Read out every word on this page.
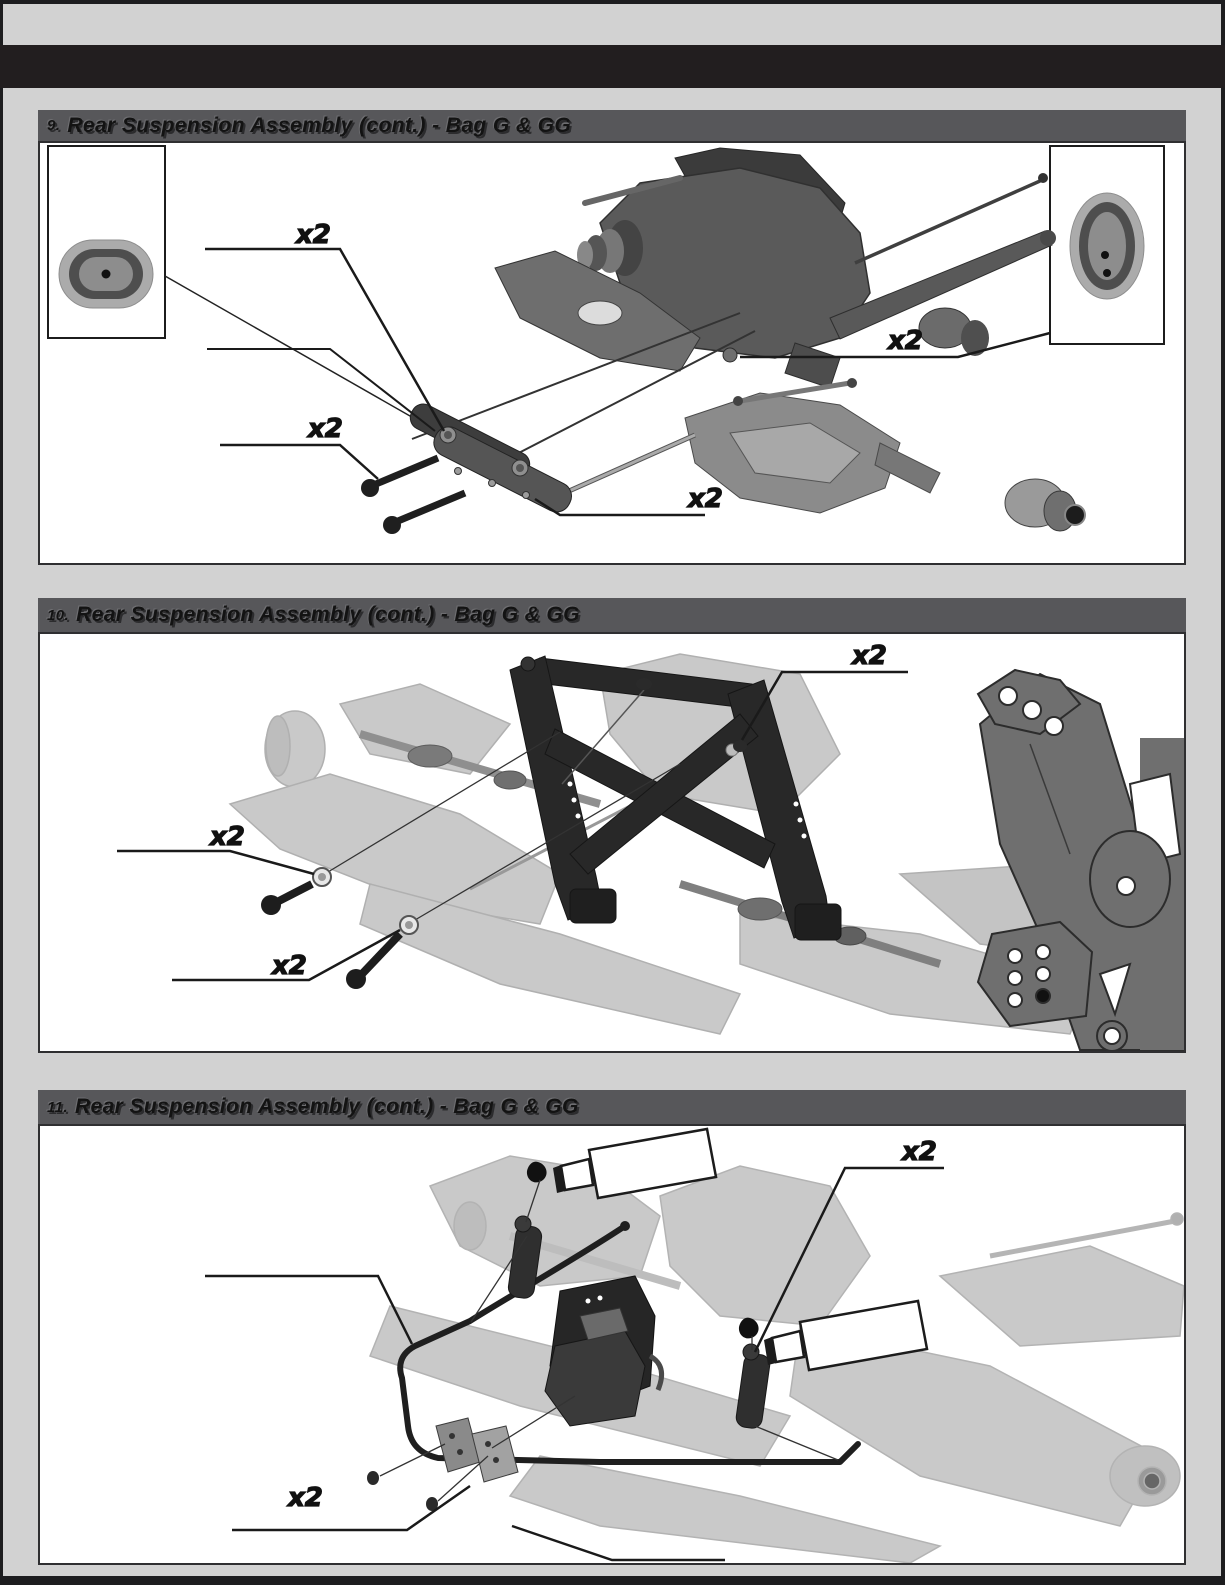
9. Rear Suspension Assembly (cont.) - Bag G & GG
x2
x2
x2
x2
10. Rear Suspension Assembly (cont.) - Bag G & GG
x2
x2
x2
11. Rear Suspension Assembly (cont.) - Bag G & GG
x2
x2
